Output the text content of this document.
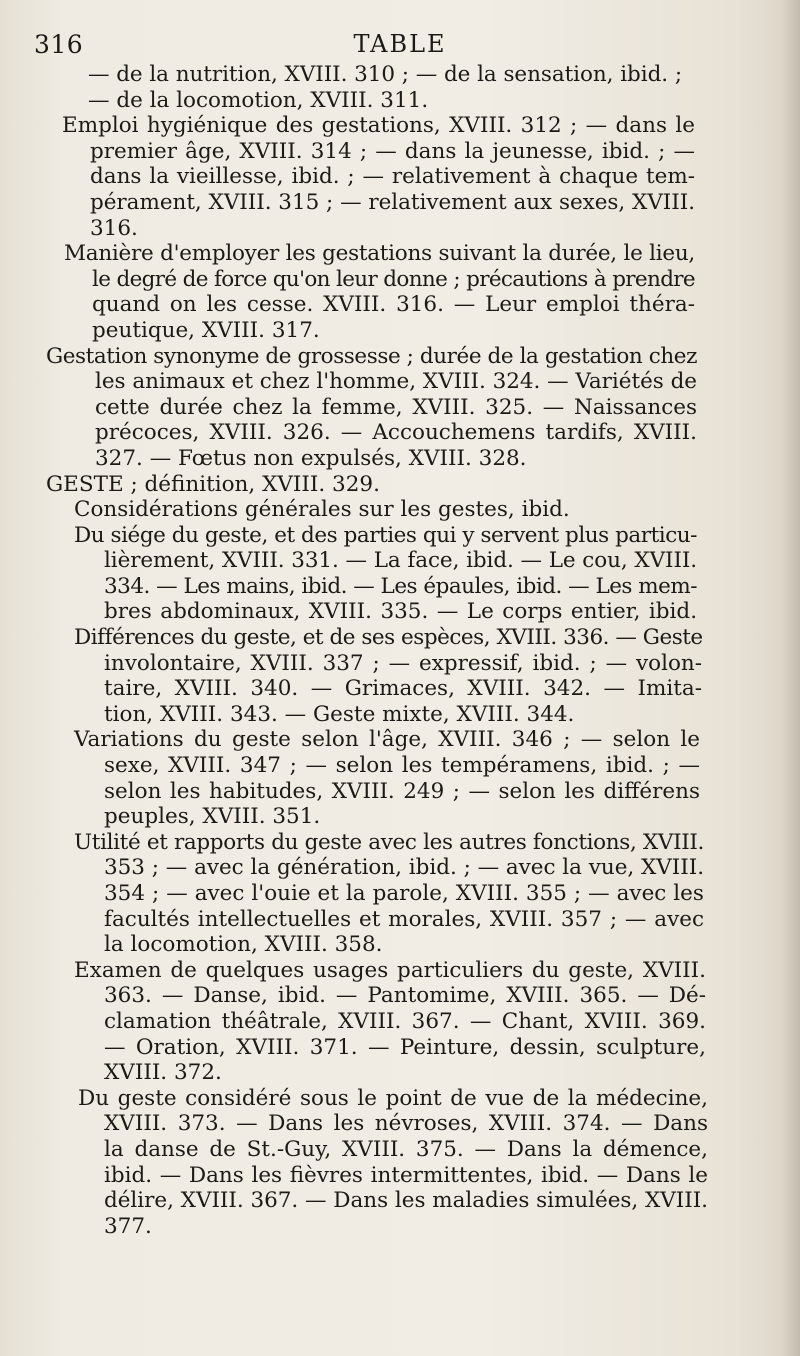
316	TABLE
— de la nutrition, XVIII. 310 ; — de la sensation, ibid. ;
— de la locomotion, XVIII. 311.
Emploi hygiénique des gestations, XVIII. 312 ; — dans le
premier âge, XVIII. 314 ; — dans la jeunesse, ibid. ; —
dans la vieillesse, ibid. ; — relativement à chaque tem-
pérament, XVIII. 315 ; — relativement aux sexes, XVIII.
316.
Manière d'employer les gestations suivant la durée, le lieu,
le degré de force qu'on leur donne ; précautions à prendre
quand on les cesse. XVIII. 316. — Leur emploi théra-
peutique, XVIII. 317.
Gestation synonyme de grossesse ; durée de la gestation chez
les animaux et chez l'homme, XVIII. 324. — Variétés de
cette durée chez la femme, XVIII. 325. — Naissances
précoces, XVIII. 326. — Accouchemens tardifs, XVIII.
327. — Fœtus non expulsés, XVIII. 328.
GESTE ; définition, XVIII. 329.
Considérations générales sur les gestes, ibid.
Du siége du geste, et des parties qui y servent plus particu-
lièrement, XVIII. 331. — La face, ibid. — Le cou, XVIII.
334. — Les mains, ibid. — Les épaules, ibid. — Les mem-
bres abdominaux, XVIII. 335. — Le corps entier, ibid.
Différences du geste, et de ses espèces, XVIII. 336. — Geste
involontaire, XVIII. 337 ; — expressif, ibid. ; — volon-
taire, XVIII. 340. — Grimaces, XVIII. 342. — Imita-
tion, XVIII. 343. — Geste mixte, XVIII. 344.
Variations du geste selon l'âge, XVIII. 346 ; — selon le
sexe, XVIII. 347 ; — selon les tempéramens, ibid. ; —
selon les habitudes, XVIII. 249 ; — selon les différens
peuples, XVIII. 351.
Utilité et rapports du geste avec les autres fonctions, XVIII.
353 ; — avec la génération, ibid. ; — avec la vue, XVIII.
354 ; — avec l'ouie et la parole, XVIII. 355 ; — avec les
facultés intellectuelles et morales, XVIII. 357 ; — avec
la locomotion, XVIII. 358.
Examen de quelques usages particuliers du geste, XVIII.
363. — Danse, ibid. — Pantomime, XVIII. 365. — Dé-
clamation théâtrale, XVIII. 367. — Chant, XVIII. 369.
— Oration, XVIII. 371. — Peinture, dessin, sculpture,
XVIII. 372.
Du geste considéré sous le point de vue de la médecine,
XVIII. 373. — Dans les névroses, XVIII. 374. — Dans
la danse de St.-Guy, XVIII. 375. — Dans la démence,
ibid. — Dans les fièvres intermittentes, ibid. — Dans le
délire, XVIII. 367. — Dans les maladies simulées, XVIII.
377.
